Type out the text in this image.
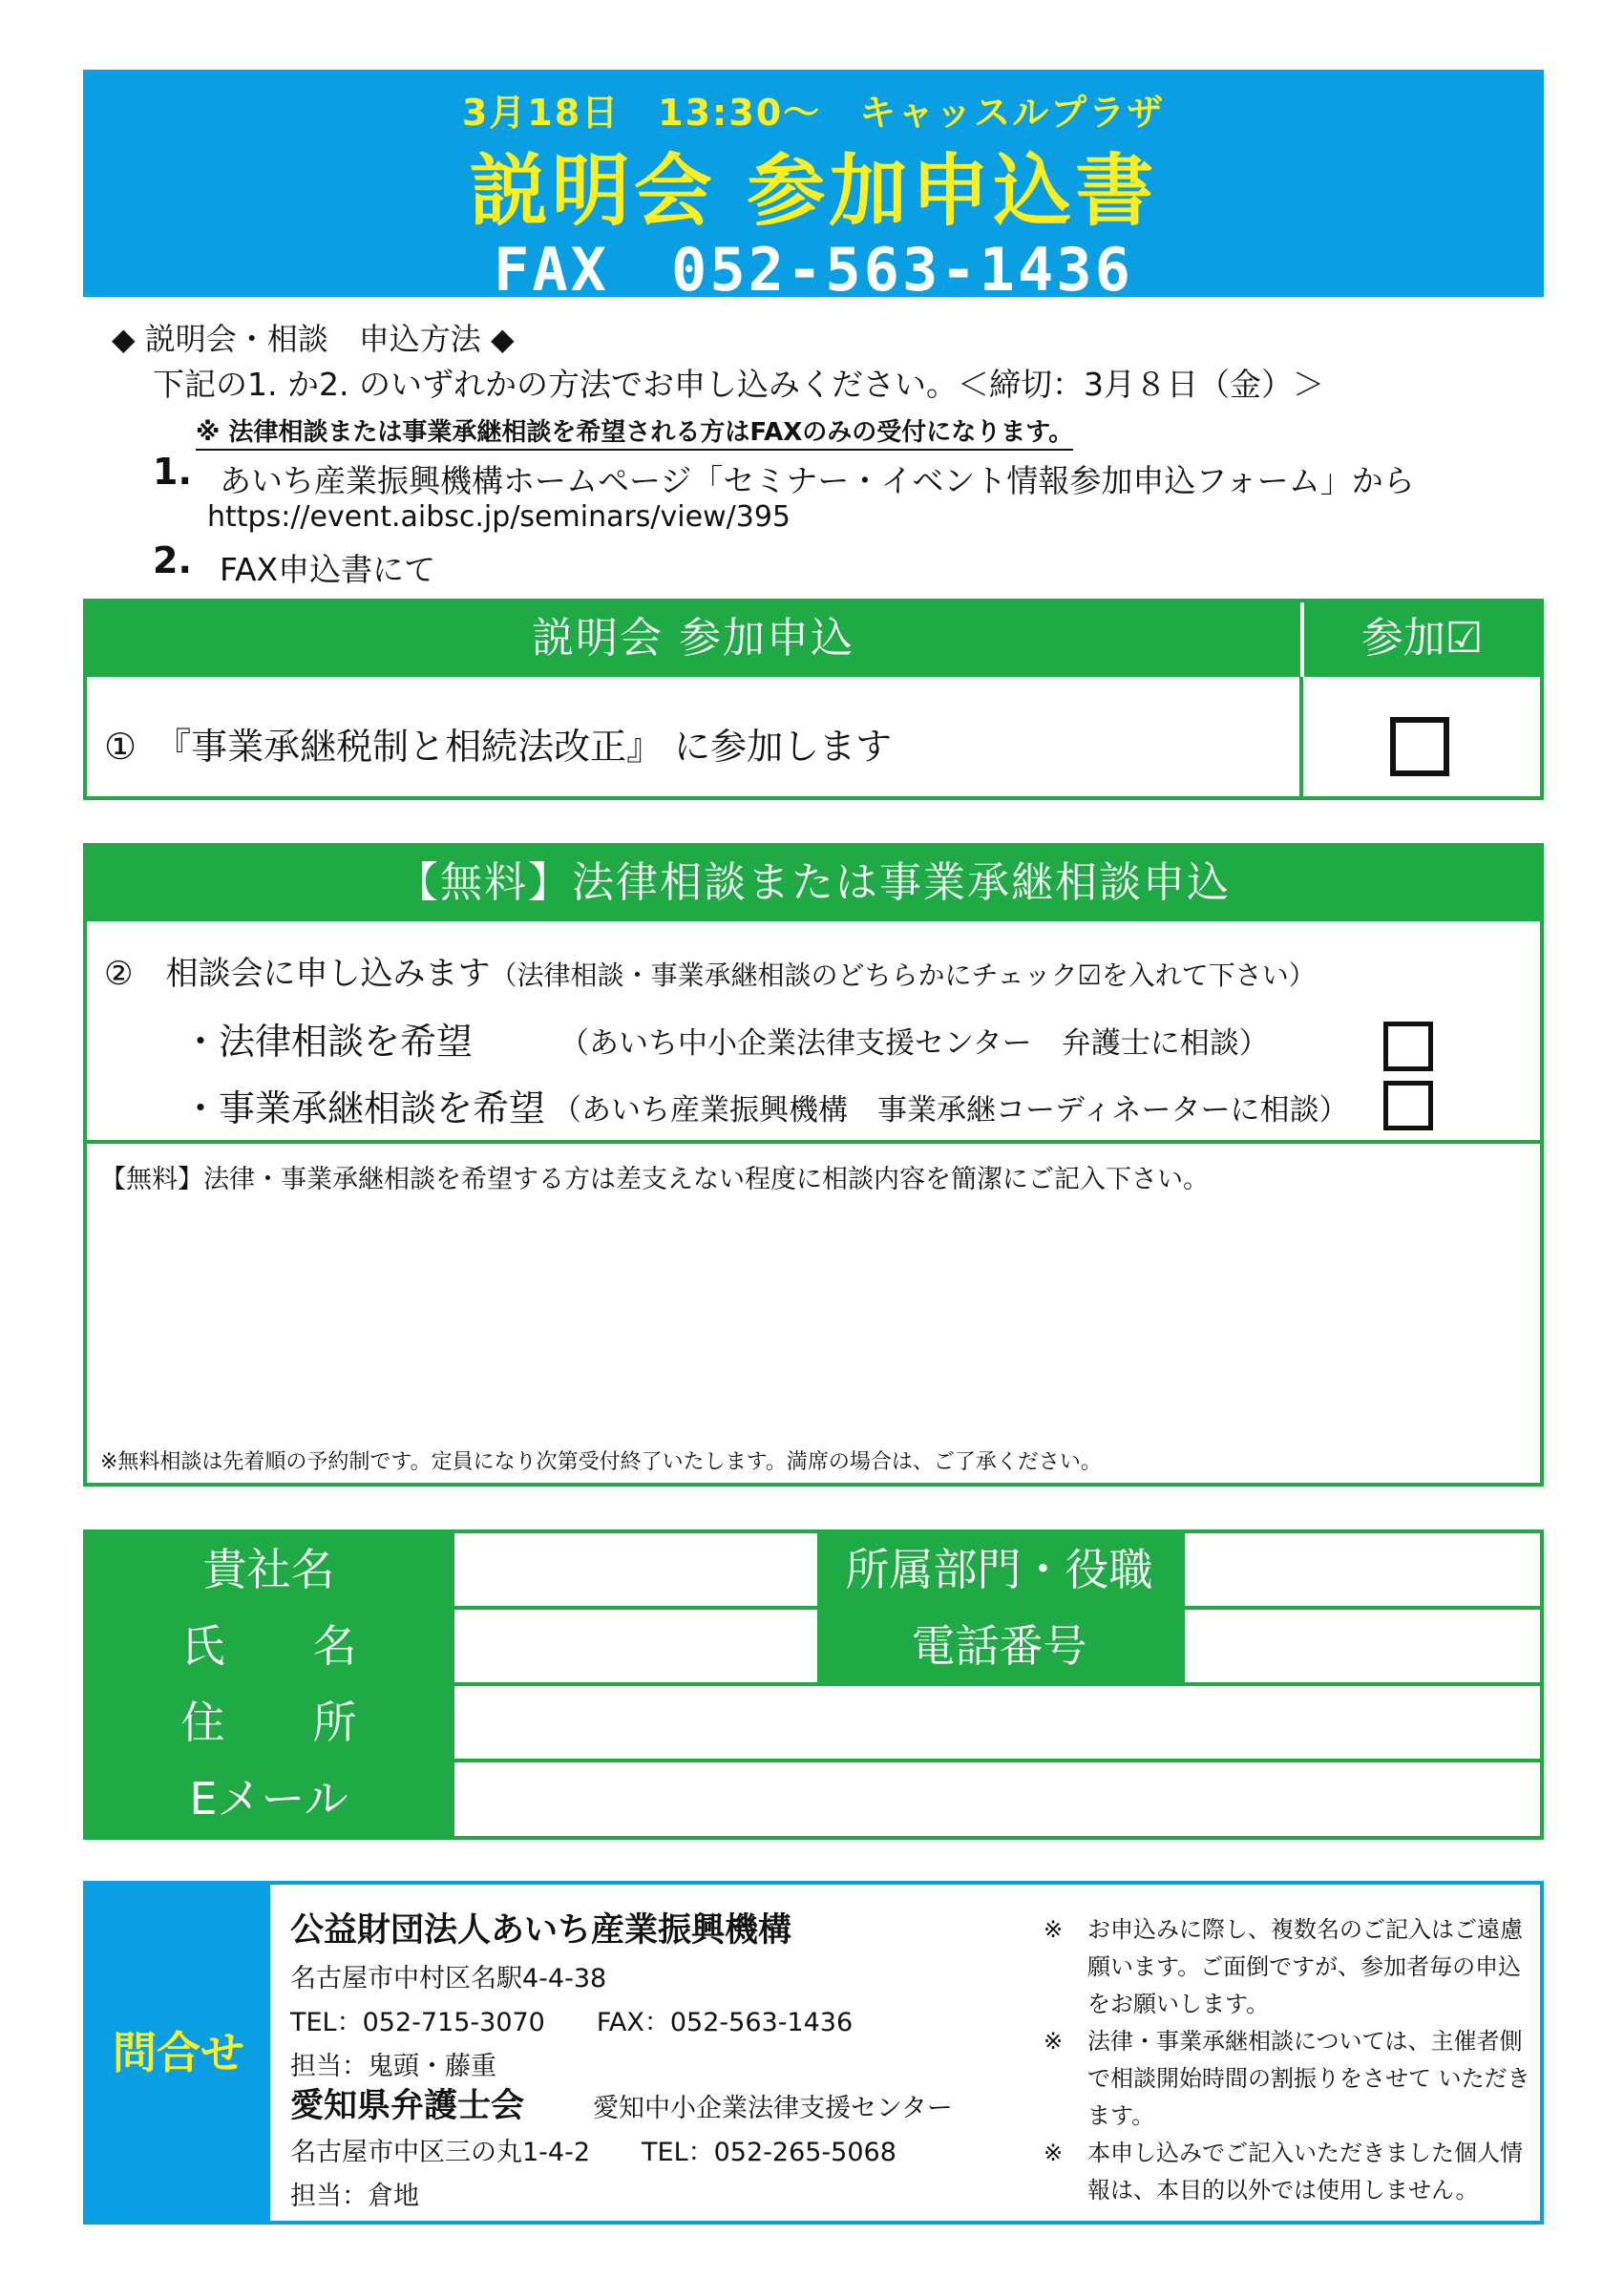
3月18日　13:30～　キャッスルプラザ
説明会 参加申込書
FAX　052-563-1436
◆ 説明会・相談　申込方法 ◆
下記の1. か2. のいずれかの方法でお申し込みください。＜締切：3月８日（金）＞
※ 法律相談または事業承継相談を希望される方はFAXのみの受付になります。
1. あいち産業振興機構ホームページ「セミナー・イベント情報参加申込フォーム」から
https://event.aibsc.jp/seminars/view/395
2. FAX申込書にて
説明会 参加申込	参加☑
①　『事業承継税制と相続法改正』 に参加します
【無料】法律相談または事業承継相談申込
②　相談会に申し込みます（法律相談・事業承継相談のどちらかにチェック☑を入れて下さい）
・法律相談を希望	（あいち中小企業法律支援センター　弁護士に相談）
・事業承継相談を希望 （あいち産業振興機構　事業承継コーディネーターに相談）
【無料】法律・事業承継相談を希望する方は差支えない程度に相談内容を簡潔にご記入下さい。
※無料相談は先着順の予約制です。定員になり次第受付終了いたします。満席の場合は、ご了承ください。
貴社名	所属部門・役職
氏　　名	電話番号
住　　所
Eメール
問合せ
公益財団法人あいち産業振興機構
名古屋市中村区名駅4-4-38
TEL：052-715-3070　　FAX：052-563-1436
担当：鬼頭・藤重
愛知県弁護士会	愛知中小企業法律支援センター
名古屋市中区三の丸1-4-2　　TEL：052-265-5068
担当：倉地
※ お申込みに際し、複数名のご記入はご遠慮願います。ご面倒ですが、参加者毎の申込をお願いします。
※ 法律・事業承継相談については、主催者側で相談開始時間の割振りをさせて いただきます。
※ 本申し込みでご記入いただきました個人情報は、本目的以外では使用しません。
